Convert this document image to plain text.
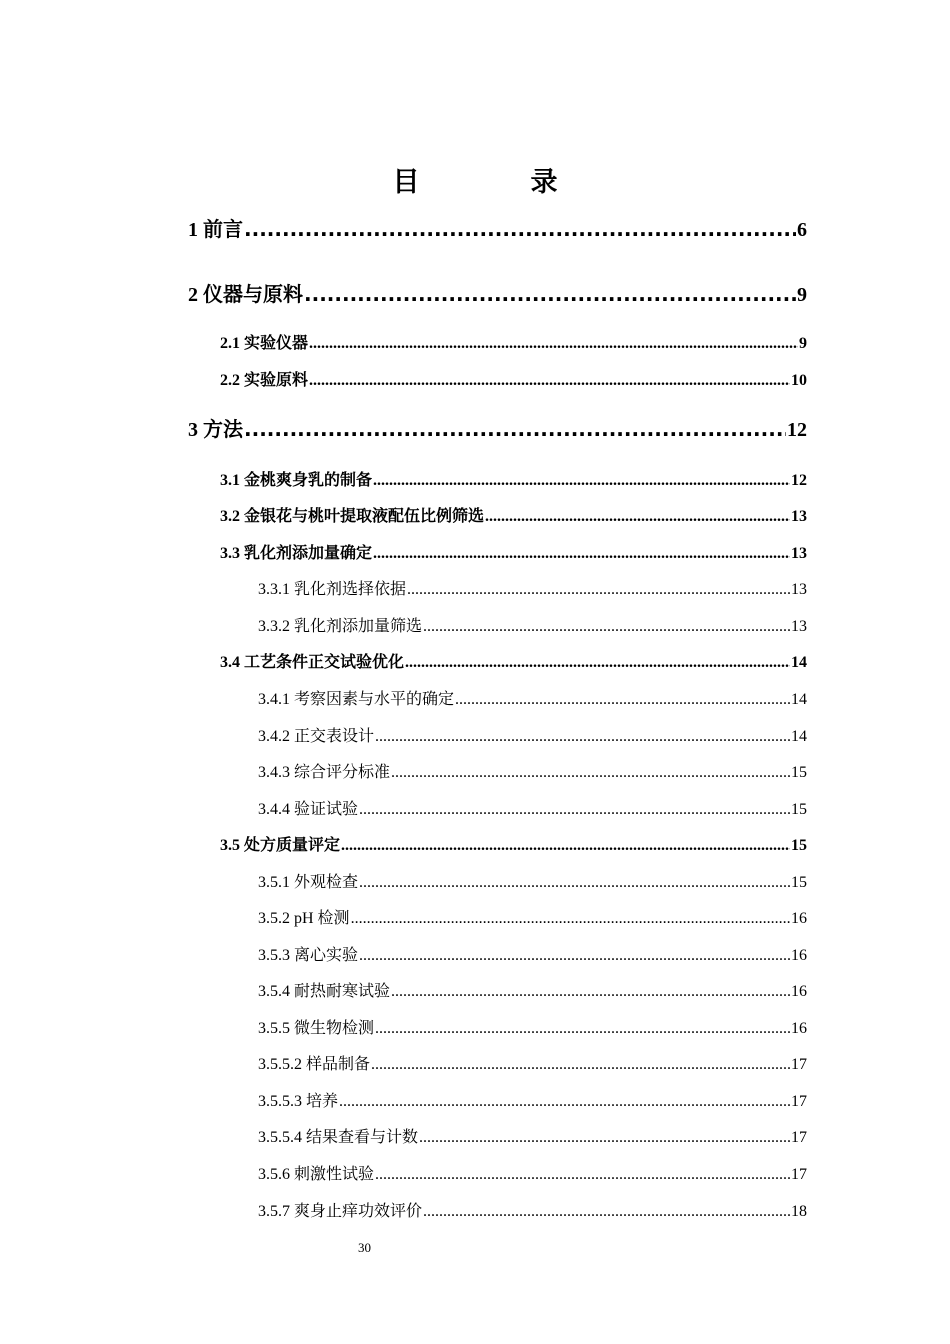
目　录
1 前言 .....	6
2 仪器与原料 .....	9
2.1 实验仪器 .....	9
2.2 实验原料 .....	10
3 方法 .....	12
3.1 金桃爽身乳的制备 .....	12
3.2 金银花与桃叶提取液配伍比例筛选 .....	13
3.3 乳化剂添加量确定 .....	13
3.3.1 乳化剂选择依据 .....	13
3.3.2 乳化剂添加量筛选 .....	13
3.4 工艺条件正交试验优化 .....	14
3.4.1 考察因素与水平的确定 .....	14
3.4.2 正交表设计 .....	14
3.4.3 综合评分标准 .....	15
3.4.4 验证试验 .....	15
3.5 处方质量评定 .....	15
3.5.1 外观检查 .....	15
3.5.2 pH 检测 .....	16
3.5.3 离心实验 .....	16
3.5.4 耐热耐寒试验 .....	16
3.5.5 微生物检测 .....	16
3.5.5.2 样品制备 .....	17
3.5.5.3 培养 .....	17
3.5.5.4 结果查看与计数 .....	17
3.5.6 刺激性试验 .....	17
3.5.7 爽身止痒功效评价 .....	18
30
